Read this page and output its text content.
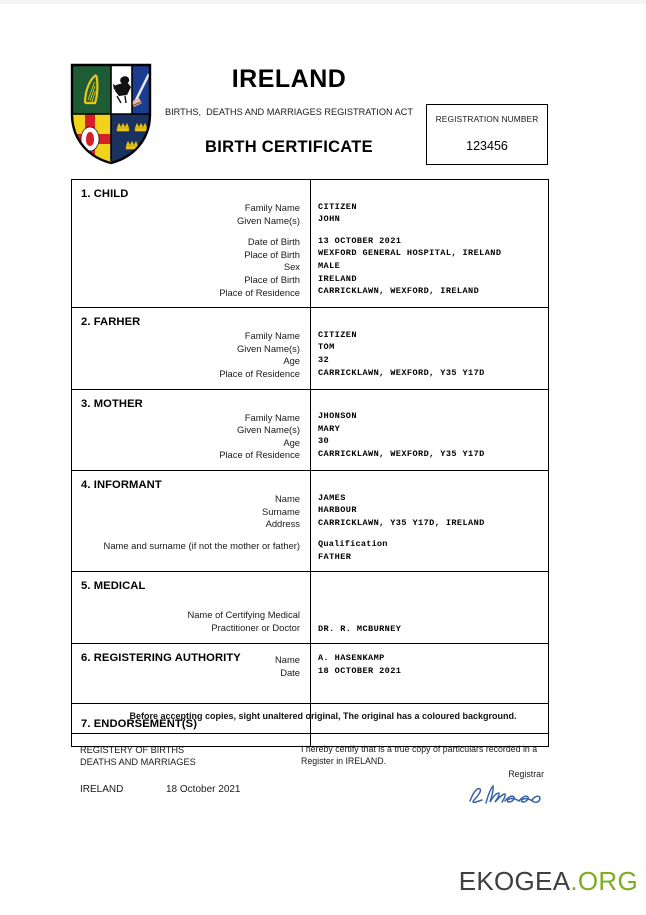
IRELAND
BIRTHS,  DEATHS AND MARRIAGES REGISTRATION ACT
BIRTH CERTIFICATE
REGISTRATION NUMBER
123456
1. CHILD
Family Name
Given Name(s)
Date of Birth
Place of Birth
Sex
Place of Birth
Place of Residence
CITIZEN
JOHN
13 OCTOBER 2021
WEXFORD GENERAL HOSPITAL, IRELAND
MALE
IRELAND
CARRICKLAWN, WEXFORD, IRELAND
2. FARHER
Family Name
Given Name(s)
Age
Place of Residence
CITIZEN
TOM
32
CARRICKLAWN, WEXFORD, Y35 Y17D
3. MOTHER
Family Name
Given Name(s)
Age
Place of Residence
JHONSON
MARY
30
CARRICKLAWN, WEXFORD, Y35 Y17D
4. INFORMANT
Name
Surname
Address
Name and surname (if not the mother or father)
JAMES
HARBOUR
CARRICKLAWN, Y35 Y17D, IRELAND
Qualification
FATHER
5. MEDICAL
Name of Certifying Medical
Practitioner or Doctor DR. R. MCBURNEY
6. REGISTERING AUTHORITY	Name
Date
A. HASENKAMP
18 OCTOBER 2021
7. ENDORSEMENT(S)
Before accepting copies, sight unaltered original, The original has a coloured background.
REGISTERY OF BIRTHS
DEATHS AND MARRIAGES
IRELAND	18 October 2021
I hereby certify that is a true copy of particulars recorded in a
Register in IRELAND.
Registrar
EKOGEA.ORG
